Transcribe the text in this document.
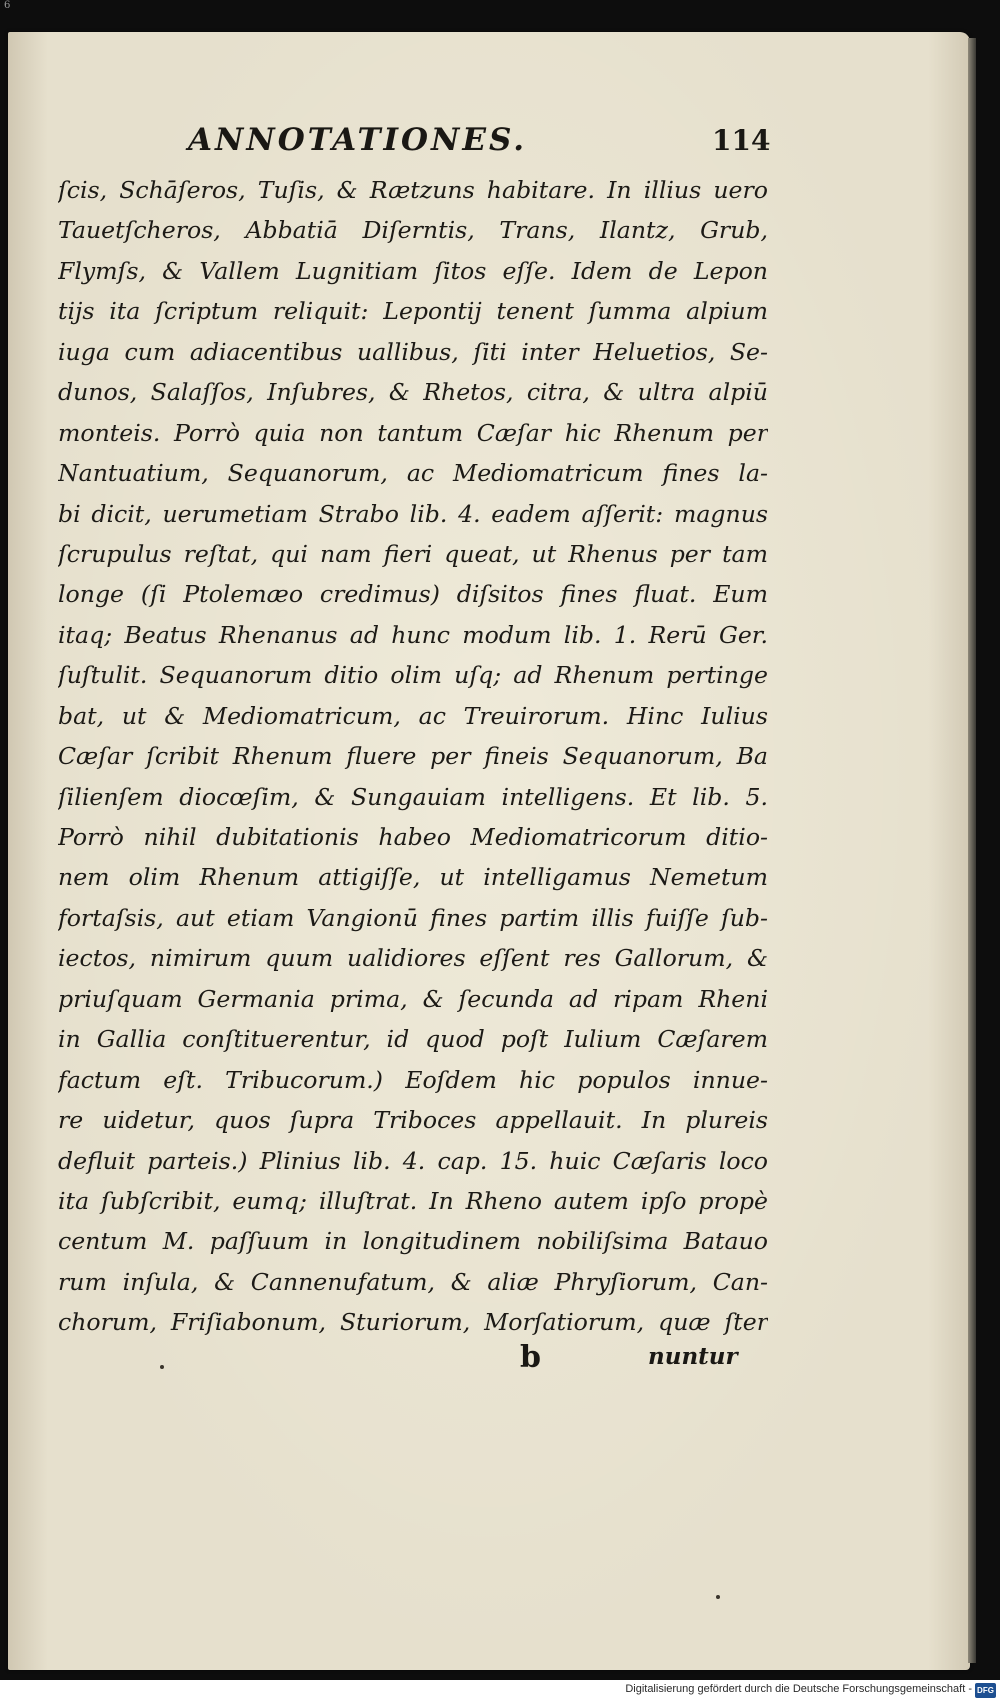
6
ANNOTATIONES.	114
ſcis, Schāſeros, Tuſis, & Rætzuns habitare. In illius uero
Tauetſcheros, Abbatiā Diſerntis, Trans, Ilantz, Grub,
Flymſs, & Vallem Lugnitiam ſitos eſſe. Idem de Lepon
tijs ita ſcriptum reliquit: Lepontij tenent ſumma alpium
iuga cum adiacentibus uallibus, ſiti inter Heluetios, Se-
dunos, Salaſſos, Inſubres, & Rhetos, citra, & ultra alpiū
monteis. Porrò quia non tantum Cæſar hic Rhenum per
Nantuatium, Sequanorum, ac Mediomatricum fines la-
bi dicit, uerumetiam Strabo lib. 4. eadem aſſerit: magnus
ſcrupulus reſtat, qui nam fieri queat, ut Rhenus per tam
longe (ſi Ptolemæo credimus) diſsitos fines fluat. Eum
itaq; Beatus Rhenanus ad hunc modum lib. 1. Rerū Ger.
ſuſtulit. Sequanorum ditio olim uſq; ad Rhenum pertinge
bat, ut & Mediomatricum, ac Treuirorum. Hinc Iulius
Cæſar ſcribit Rhenum fluere per fineis Sequanorum, Ba
ſilienſem diocœſim, & Sungauiam intelligens. Et lib. 5.
Porrò nihil dubitationis habeo Mediomatricorum ditio-
nem olim Rhenum attigiſſe, ut intelligamus Nemetum
fortaſsis, aut etiam Vangionū fines partim illis fuiſſe ſub-
iectos, nimirum quum ualidiores eſſent res Gallorum, &
priuſquam Germania prima, & ſecunda ad ripam Rheni
in Gallia conſtituerentur, id quod poſt Iulium Cæſarem
factum eſt. Tribucorum.) Eoſdem hic populos innue-
re uidetur, quos ſupra Triboces appellauit. In plureis
defluit parteis.) Plinius lib. 4. cap. 15. huic Cæſaris loco
ita ſubſcribit, eumq; illuſtrat. In Rheno autem ipſo propè
centum M. paſſuum in longitudinem nobiliſsima Batauo
rum inſula, & Cannenufatum, & aliæ Phryſiorum, Can-
chorum, Friſiabonum, Sturiorum, Morſatiorum, quæ ſter
b	nuntur
Digitalisierung gefördert durch die Deutsche Forschungsgemeinschaft - DFG
